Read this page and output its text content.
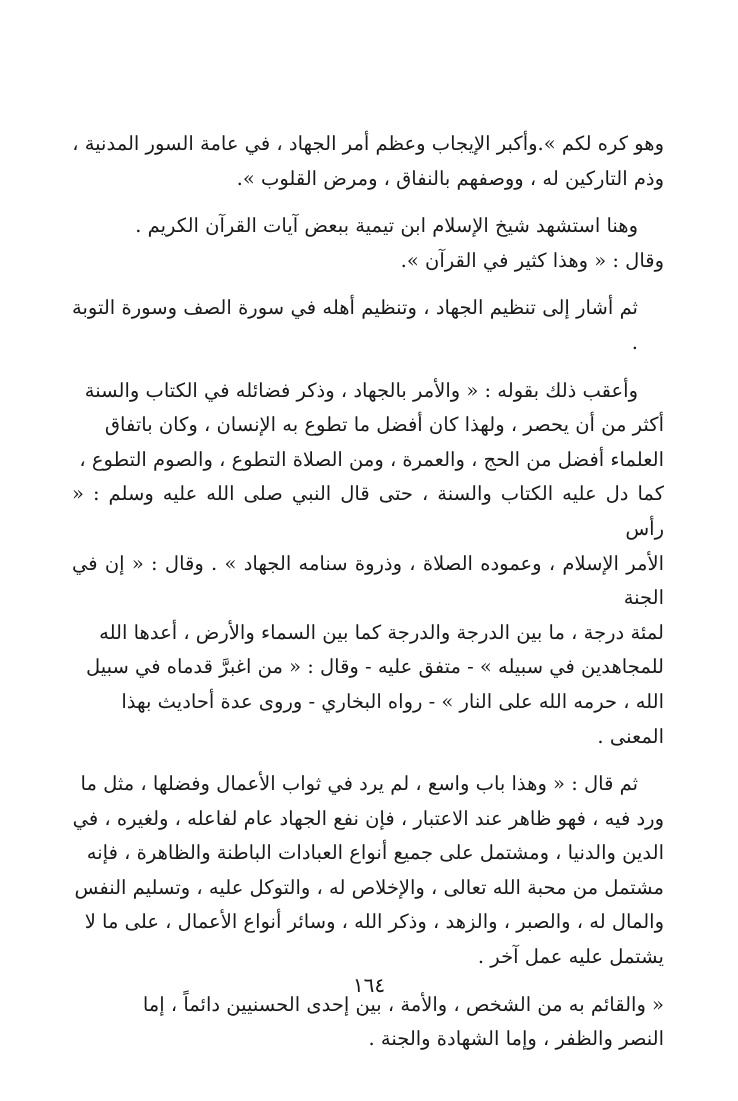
وهو كره لكم ».وأكبر الإيجاب وعظم أمر الجهاد ، في عامة السور المدنية ،
وذم التاركين له ، ووصفهم بالنفاق ، ومرض القلوب ».

وهنا استشهد شيخ الإسلام ابن تيمية ببعض آيات القرآن الكريم .
وقال : « وهذا كثير في القرآن ».

ثم أشار إلى تنظيم الجهاد ، وتنظيم أهله في سورة الصف وسورة التوبة .

وأعقب ذلك بقوله : « والأمر بالجهاد ، وذكر فضائله في الكتاب والسنة
أكثر من أن يحصر ، ولهذا كان أفضل ما تطوع به الإنسان ، وكان باتفاق
العلماء أفضل من الحج ، والعمرة ، ومن الصلاة التطوع ، والصوم التطوع ،
كما دل عليه الكتاب والسنة ، حتى قال النبي صلى الله عليه وسلم : « رأس
الأمر الإسلام ، وعموده الصلاة ، وذروة سنامه الجهاد » . وقال : « إن في الجنة
لمئة درجة ، ما بين الدرجة والدرجة كما بين السماء والأرض ، أعدها الله
للمجاهدين في سبيله » - متفق عليه - وقال : « من اغبرَّ قدماه في سبيل
الله ، حرمه الله على النار » - رواه البخاري - وروى عدة أحاديث بهذا
المعنى .

ثم قال : « وهذا باب واسع ، لم يرد في ثواب الأعمال وفضلها ، مثل ما
ورد فيه ، فهو ظاهر عند الاعتبار ، فإن نفع الجهاد عام لفاعله ، ولغيره ، في
الدين والدنيا ، ومشتمل على جميع أنواع العبادات الباطنة والظاهرة ، فإنه
مشتمل من محبة الله تعالى ، والإخلاص له ، والتوكل عليه ، وتسليم النفس
والمال له ، والصبر ، والزهد ، وذكر الله ، وسائر أنواع الأعمال ، على ما لا
يشتمل عليه عمل آخر .

« والقائم به من الشخص ، والأمة ، بين إحدى الحسنيين دائماً ، إما
النصر والظفر ، وإما الشهادة والجنة .

١٦٤
